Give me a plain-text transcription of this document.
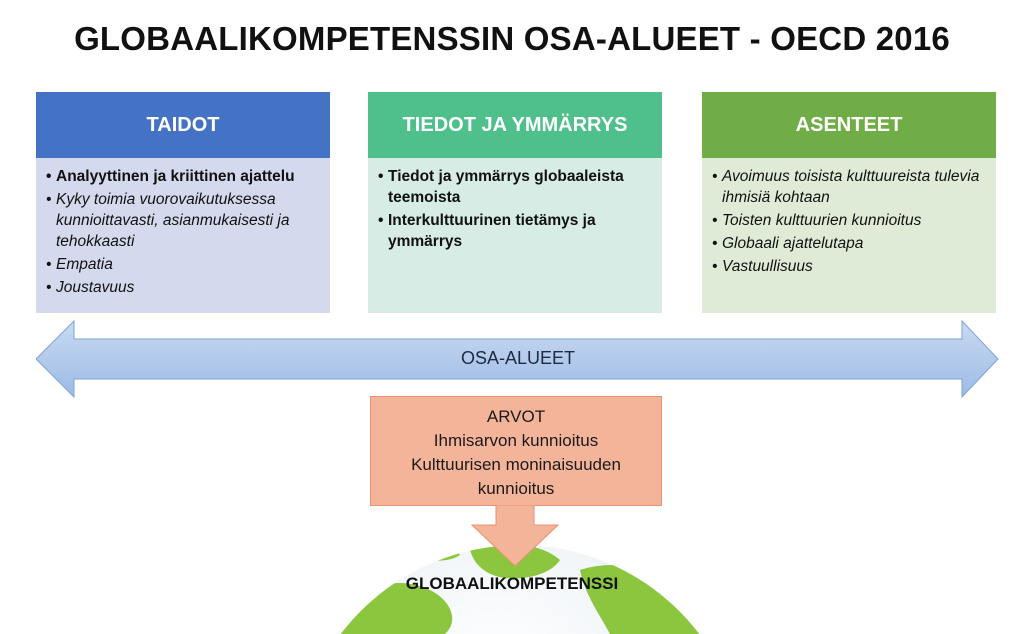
GLOBAALIKOMPETENSSIN OSA-ALUEET - OECD 2016
TAIDOT
• Analyyttinen ja kriittinen ajattelu
• Kyky toimia vuorovaikutuksessa kunnioittavasti, asianmukaisesti ja tehokkaasti
• Empatia
• Joustavuus
TIEDOT JA YMMÄRRYS
• Tiedot ja ymmärrys globaaleista teemoista
• Interkulttuurinen tietämys ja ymmärrys
ASENTEET
• Avoimuus toisista kulttuureista tulevia ihmisiä kohtaan
• Toisten kulttuurien kunnioitus
• Globaali ajattelutapa
• Vastuullisuus
OSA-ALUEET
ARVOT
Ihmisarvon kunnioitus
Kulttuurisen moninaisuuden
kunnioitus
GLOBAALIKOMPETENSSI
